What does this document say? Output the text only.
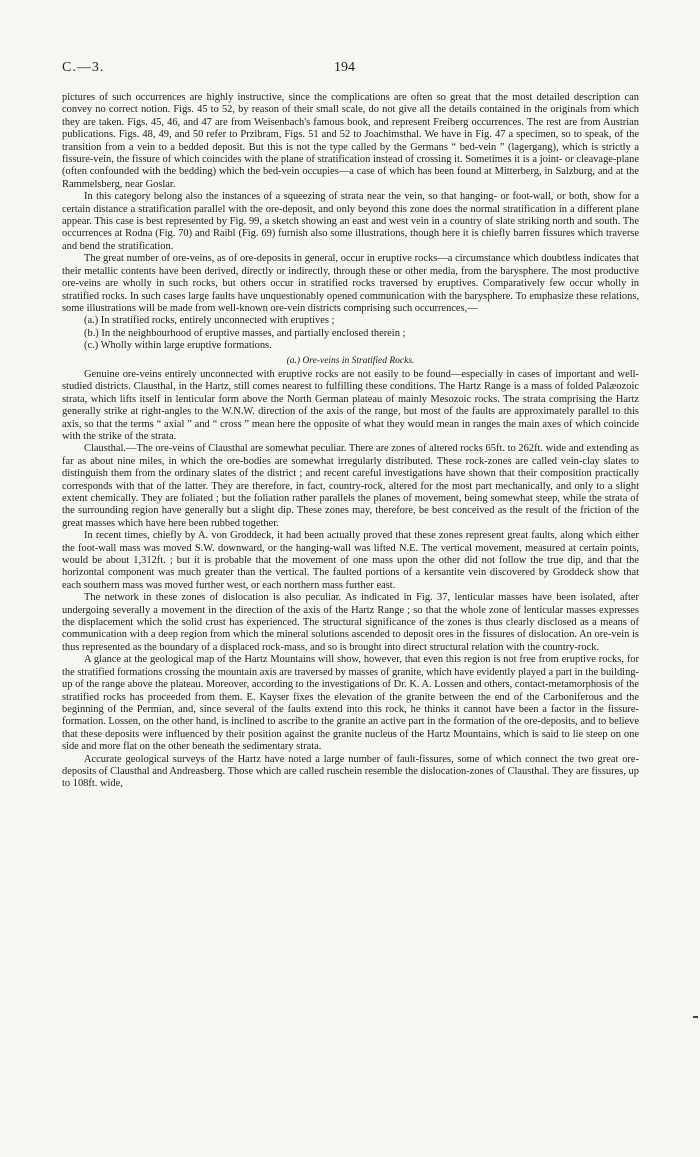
C.—3.	194

pictures of such occurrences are highly instructive, since the complications are often so great that the most detailed description can convey no correct notion. Figs. 45 to 52, by reason of their small scale, do not give all the details contained in the originals from which they are taken. Figs. 45, 46, and 47 are from Weisenbach's famous book, and represent Freiberg occurrences. The rest are from Austrian publications. Figs. 48, 49, and 50 refer to Przibram, Figs. 51 and 52 to Joachimsthal. We have in Fig. 47 a specimen, so to speak, of the transition from a vein to a bedded deposit. But this is not the type called by the Germans “ bed-vein ” (lagergang), which is strictly a fissure-vein, the fissure of which coincides with the plane of stratification instead of crossing it. Sometimes it is a joint- or cleavage-plane (often confounded with the bedding) which the bed-vein occupies—a case of which has been found at Mitterberg, in Salzburg, and at the Rammelsberg, near Goslar.

In this category belong also the instances of a squeezing of strata near the vein, so that hanging- or foot-wall, or both, show for a certain distance a stratification parallel with the ore-deposit, and only beyond this zone does the normal stratification in a different plane appear. This case is best represented by Fig. 99, a sketch showing an east and west vein in a country of slate striking north and south. The occurrences at Rodna (Fig. 70) and Raibl (Fig. 69) furnish also some illustrations, though here it is chiefly barren fissures which traverse and bend the stratification.

The great number of ore-veins, as of ore-deposits in general, occur in eruptive rocks—a circumstance which doubtless indicates that their metallic contents have been derived, directly or indirectly, through these or other media, from the barysphere. The most productive ore-veins are wholly in such rocks, but others occur in stratified rocks traversed by eruptives. Comparatively few occur wholly in stratified rocks. In such cases large faults have unquestionably opened communication with the barysphere. To emphasize these relations, some illustrations will be made from well-known ore-vein districts comprising such occurrences,—

(a.) In stratified rocks, entirely unconnected with eruptives ;

(b.) In the neighbourhood of eruptive masses, and partially enclosed therein ;

(c.) Wholly within large eruptive formations.

(a.) Ore-veins in Stratified Rocks.

Genuine ore-veins entirely unconnected with eruptive rocks are not easily to be found—especially in cases of important and well-studied districts. Clausthal, in the Hartz, still comes nearest to fulfilling these conditions. The Hartz Range is a mass of folded Palæozoic strata, which lifts itself in lenticular form above the North German plateau of mainly Mesozoic rocks. The strata comprising the Hartz generally strike at right-angles to the W.N.W. direction of the axis of the range, but most of the faults are approximately parallel to this axis, so that the terms “ axial ” and “ cross ” mean here the opposite of what they would mean in ranges the main axes of which coincide with the strike of the strata.

Clausthal.—The ore-veins of Clausthal are somewhat peculiar. There are zones of altered rocks 65ft. to 262ft. wide and extending as far as about nine miles, in which the ore-bodies are somewhat irregularly distributed. These rock-zones are called vein-clay slates to distinguish them from the ordinary slates of the district ; and recent careful investigations have shown that their composition practically corresponds with that of the latter. They are therefore, in fact, country-rock, altered for the most part mechanically, and only to a slight extent chemically. They are foliated ; but the foliation rather parallels the planes of movement, being somewhat steep, while the strata of the surrounding region have generally but a slight dip. These zones may, therefore, be best conceived as the result of the friction of the great masses which have here been rubbed together.

In recent times, chiefly by A. von Groddeck, it had been actually proved that these zones represent great faults, along which either the foot-wall mass was moved S.W. downward, or the hanging-wall was lifted N.E. The vertical movement, measured at certain points, would be about 1,312ft. ; but it is probable that the movement of one mass upon the other did not follow the true dip, and that the horizontal component was much greater than the vertical. The faulted portions of a kersantite vein discovered by Groddeck show that each southern mass was moved further west, or each northern mass further east.

The network in these zones of dislocation is also peculiar. As indicated in Fig. 37, lenticular masses have been isolated, after undergoing severally a movement in the direction of the axis of the Hartz Range ; so that the whole zone of lenticular masses expresses the displacement which the solid crust has experienced. The structural significance of the zones is thus clearly disclosed as a means of communication with a deep region from which the mineral solutions ascended to deposit ores in the fissures of dislocation. An ore-vein is thus represented as the boundary of a displaced rock-mass, and so is brought into direct structural relation with the country-rock.

A glance at the geological map of the Hartz Mountains will show, however, that even this region is not free from eruptive rocks, for the stratified formations crossing the mountain axis are traversed by masses of granite, which have evidently played a part in the building-up of the range above the plateau. Moreover, according to the investigations of Dr. K. A. Lossen and others, contact-metamorphosis of the stratified rocks has proceeded from them. E. Kayser fixes the elevation of the granite between the end of the Carboniferous and the beginning of the Permian, and, since several of the faults extend into this rock, he thinks it cannot have been a factor in the fissure-formation. Lossen, on the other hand, is inclined to ascribe to the granite an active part in the formation of the ore-deposits, and to believe that these deposits were influenced by their position against the granite nucleus of the Hartz Mountains, which is said to lie steep on one side and more flat on the other beneath the sedimentary strata.

Accurate geological surveys of the Hartz have noted a large number of fault-fissures, some of which connect the two great ore-deposits of Clausthal and Andreasberg. Those which are called ruschein resemble the dislocation-zones of Clausthal. They are fissures, up to 108ft. wide,
